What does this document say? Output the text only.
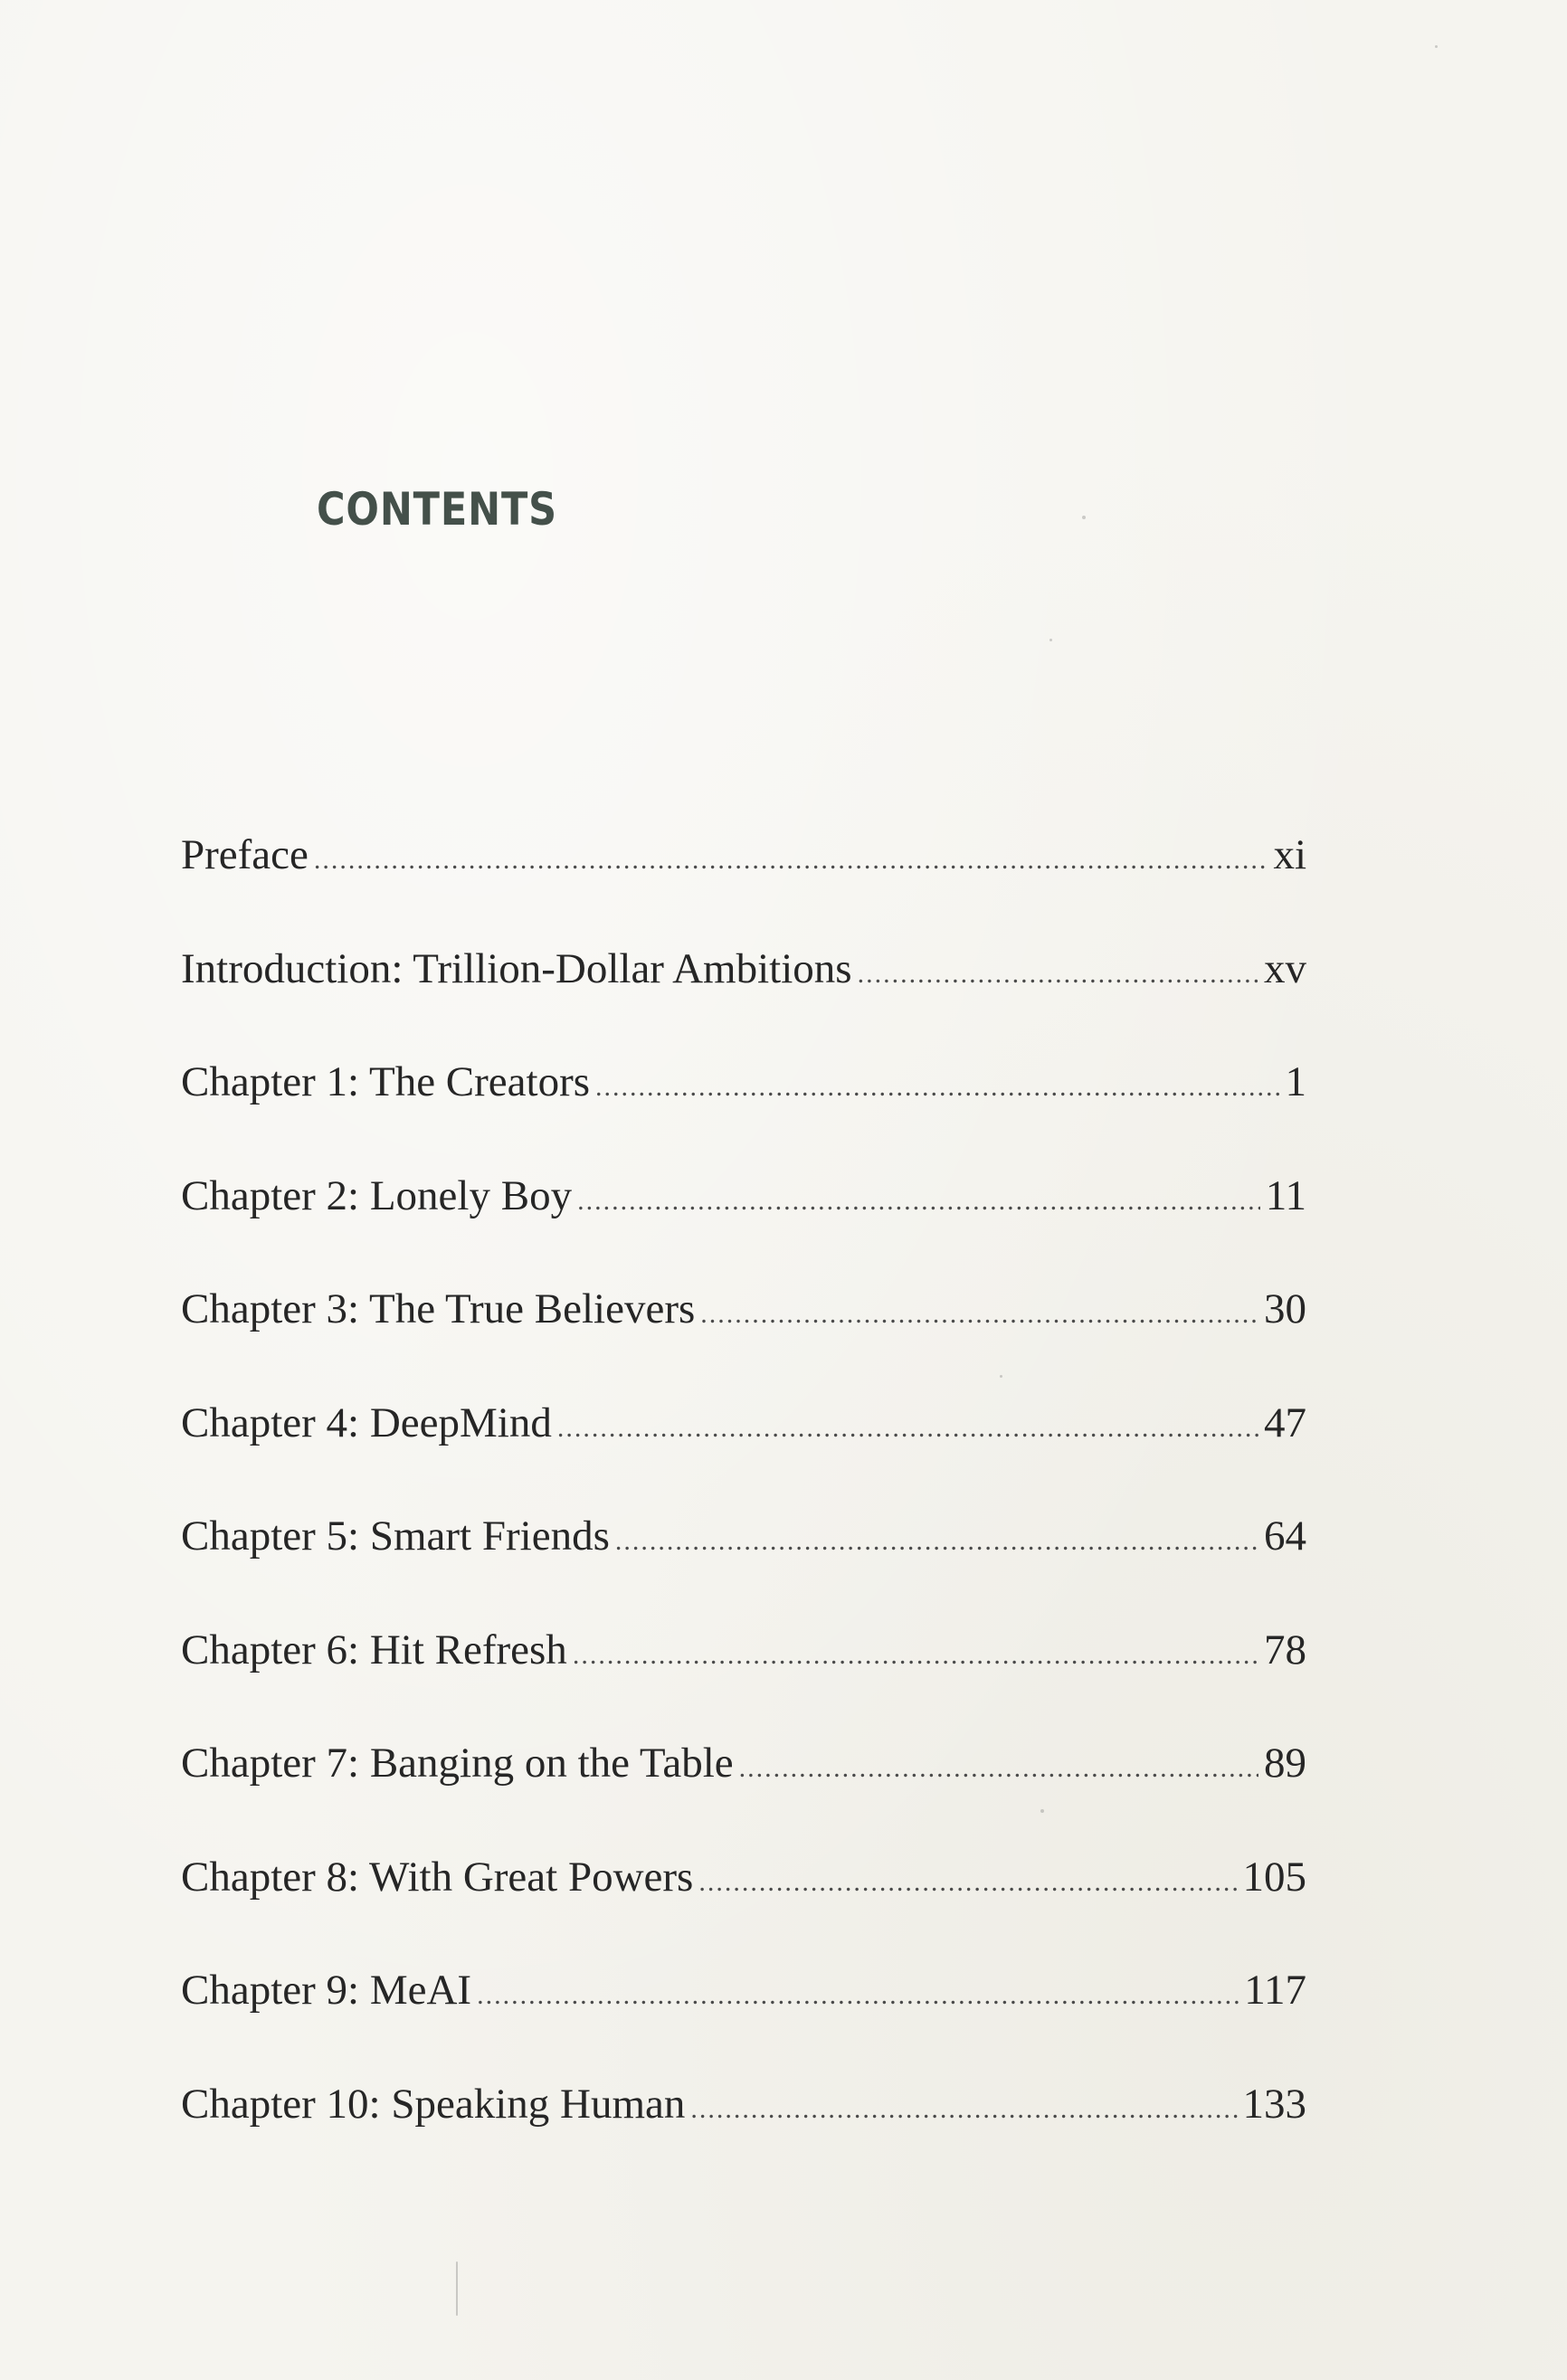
CONTENTS
Preface .....	xi
Introduction: Trillion-Dollar Ambitions .....	xv
Chapter 1: The Creators .....	1
Chapter 2: Lonely Boy .....	11
Chapter 3: The True Believers .....	30
Chapter 4: DeepMind .....	47
Chapter 5: Smart Friends .....	64
Chapter 6: Hit Refresh .....	78
Chapter 7: Banging on the Table .....	89
Chapter 8: With Great Powers .....	105
Chapter 9: MeAI .....	117
Chapter 10: Speaking Human .....	133
